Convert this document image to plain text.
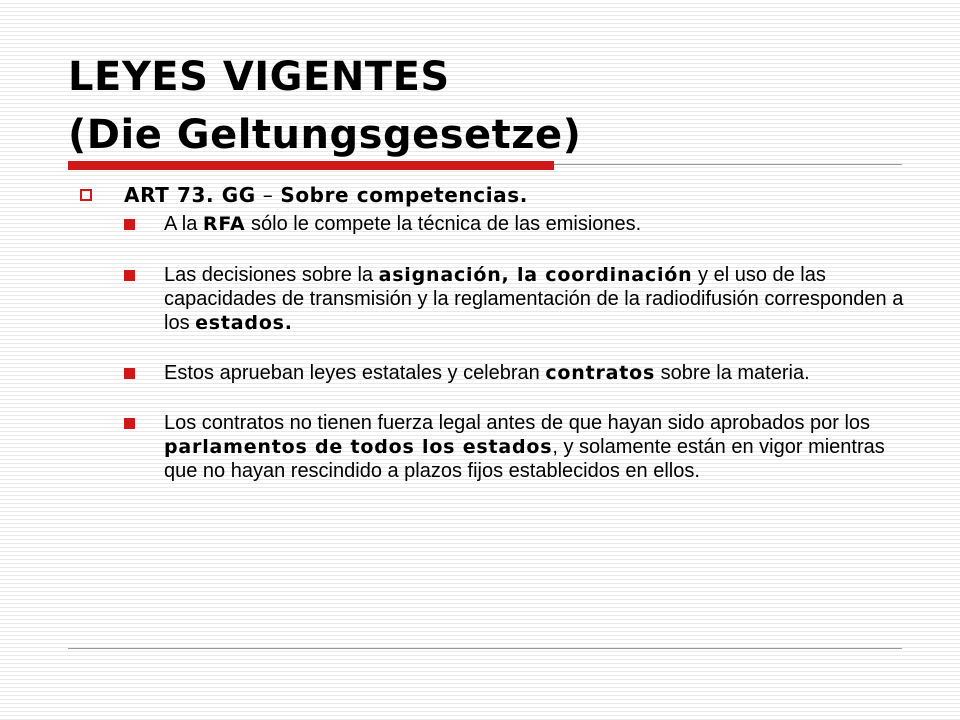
LEYES VIGENTES
(Die Geltungsgesetze)
ART 73. GG – Sobre competencias.
A la RFA sólo le compete la técnica de las emisiones.
Las decisiones sobre la asignación, la coordinación y el uso de las capacidades de transmisión y la reglamentación de la radiodifusión corresponden a los estados.
Estos aprueban leyes estatales y celebran contratos sobre la materia.
Los contratos no tienen fuerza legal antes de que hayan sido aprobados por los parlamentos de todos los estados, y solamente están en vigor mientras que no hayan rescindido a plazos fijos establecidos en ellos.
